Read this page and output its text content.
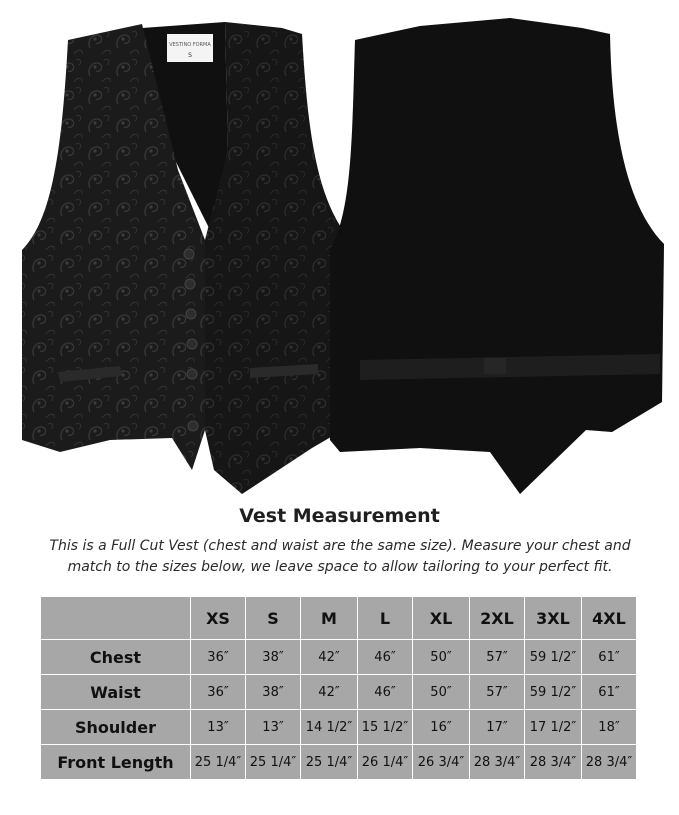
VESTINO FORMA
S
Vest Measurement
This is a Full Cut Vest (chest and waist are the same size). Measure your chest and match to the sizes below, we leave space to allow tailoring to your perfect fit.
	XS	S	M	L	XL	2XL	3XL	4XL
Chest	36″	38″	42″	46″	50″	57″	59 1/2″	61″
Waist	36″	38″	42″	46″	50″	57″	59 1/2″	61″
Shoulder	13″	13″	14 1/2″	15 1/2″	16″	17″	17 1/2″	18″
Front Length	25 1/4″	25 1/4″	25 1/4″	26 1/4″	26 3/4″	28 3/4″	28 3/4″	28 3/4″
